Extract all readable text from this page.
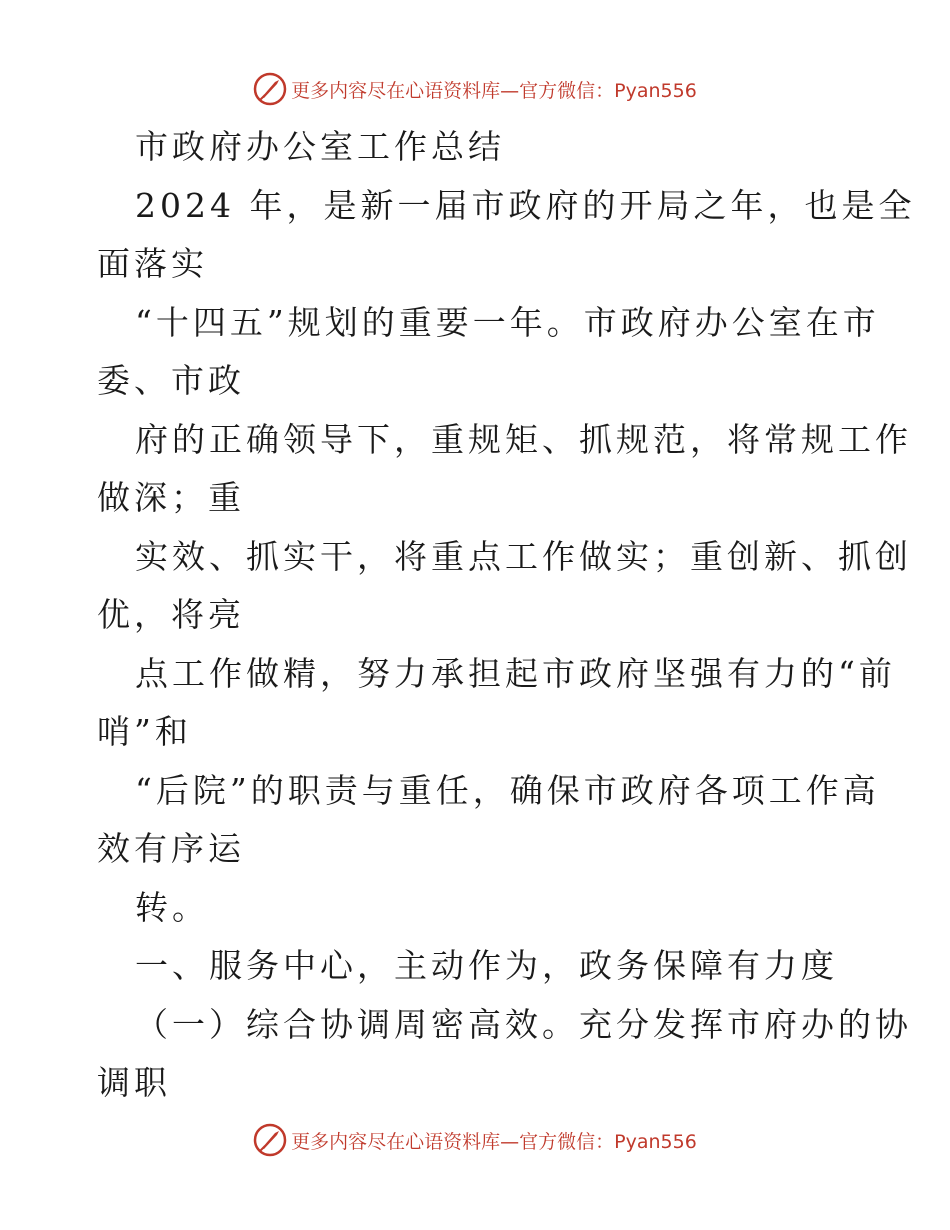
更多内容尽在心语资料库—官方微信：Pyan556
市政府办公室工作总结
2024 年，是新一届市政府的开局之年，也是全
面落实
“十四五”规划的重要一年。市政府办公室在市
委、市政
府的正确领导下，重规矩、抓规范，将常规工作
做深；重
实效、抓实干，将重点工作做实；重创新、抓创
优，将亮
点工作做精，努力承担起市政府坚强有力的“前
哨”和
“后院”的职责与重任，确保市政府各项工作高
效有序运
转。
一、服务中心，主动作为，政务保障有力度
（一）综合协调周密高效。充分发挥市府办的协
调职
更多内容尽在心语资料库—官方微信：Pyan556
